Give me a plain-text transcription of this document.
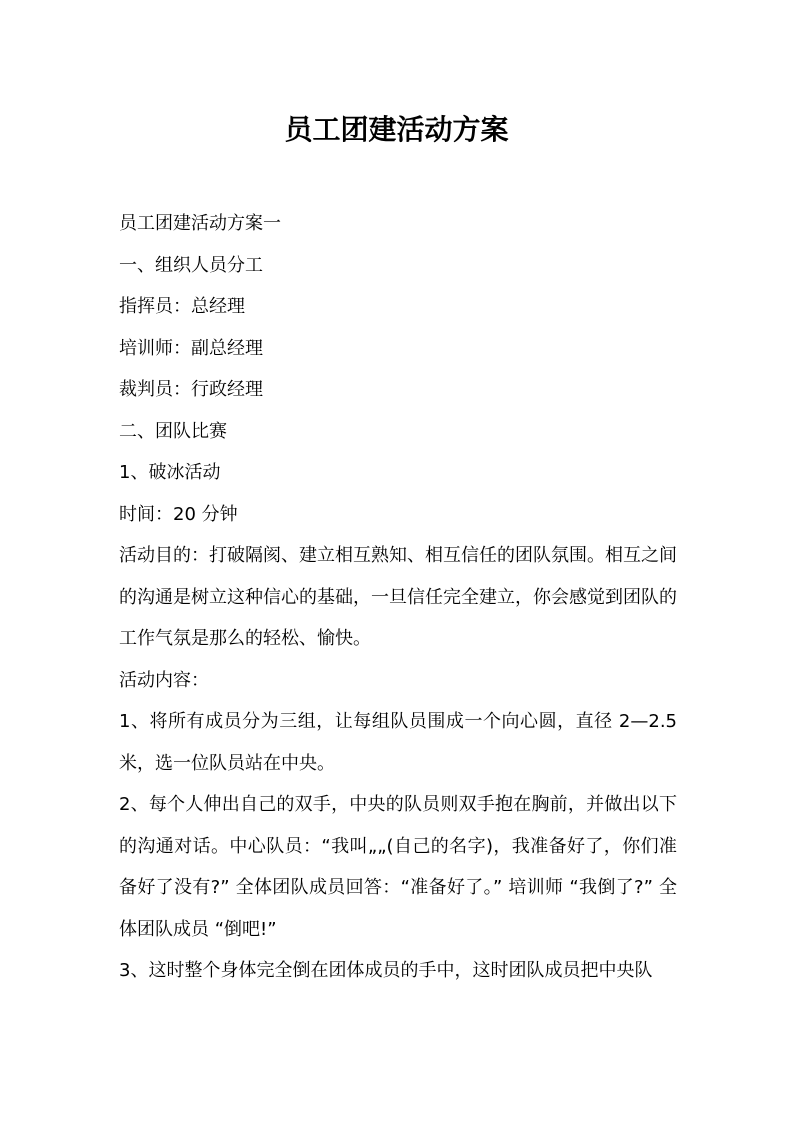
员工团建活动方案

员工团建活动方案一

一、组织人员分工

指挥员：总经理

培训师：副总经理

裁判员：行政经理

二、团队比赛

1、破冰活动

时间：20 分钟

活动目的：打破隔阂、建立相互熟知、相互信任的团队氛围。相互之间的沟通是树立这种信心的基础，一旦信任完全建立，你会感觉到团队的工作气氛是那么的轻松、愉快。

活动内容：

1、将所有成员分为三组，让每组队员围成一个向心圆，直径 2—2.5 米，选一位队员站在中央。

2、每个人伸出自己的双手，中央的队员则双手抱在胸前，并做出以下的沟通对话。中心队员：“我叫„„(自己的名字)，我准备好了，你们准备好了没有?” 全体团队成员回答：“准备好了。” 培训师 “我倒了?” 全体团队成员 “倒吧!”

3、这时整个身体完全倒在团体成员的手中，这时团队成员把中央队
